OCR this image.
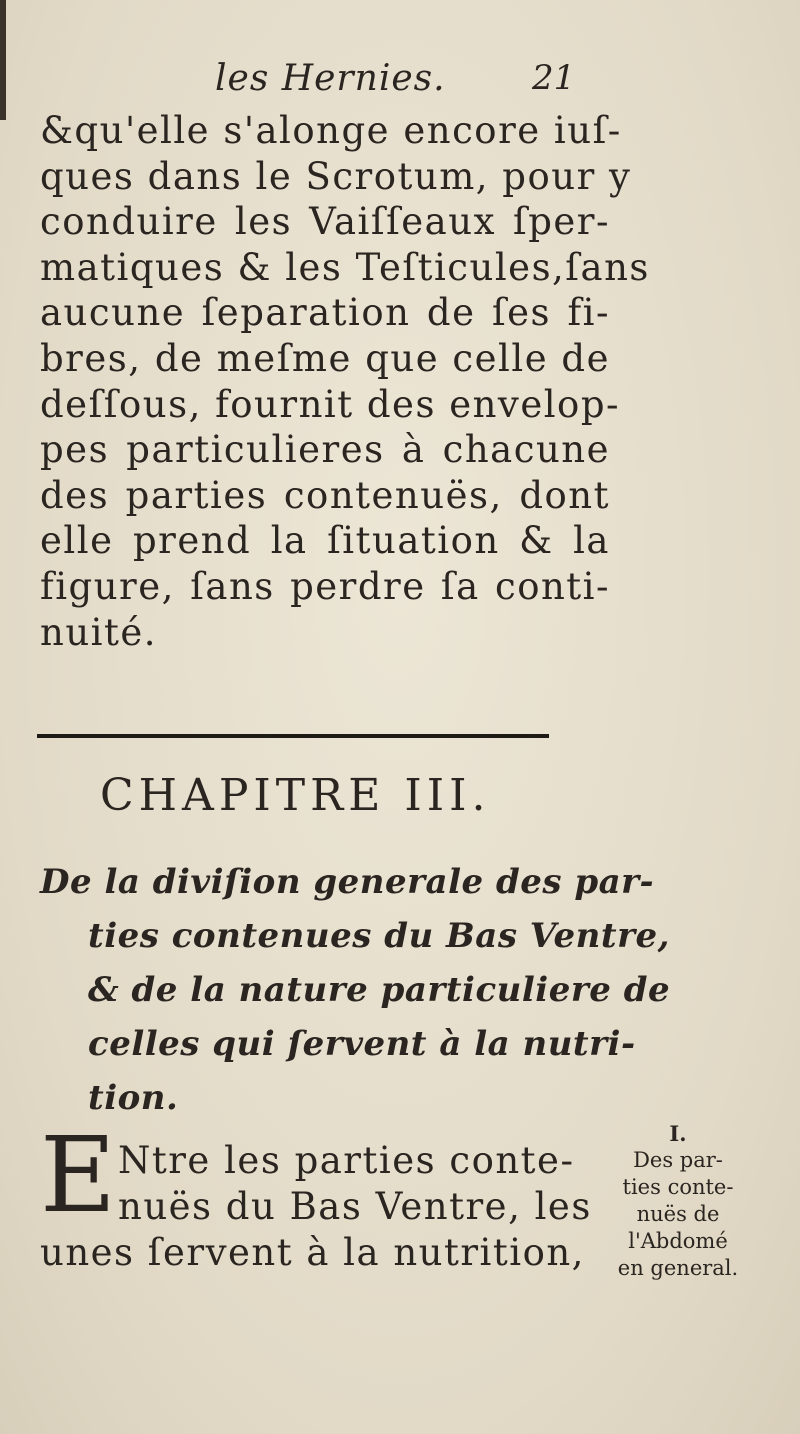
les Hernies.	21
&qu'elle s'alonge encore iuſ-
ques dans le Scrotum, pour y
conduire les Vaiſſeaux ſper-
matiques & les Teſticules,ſans
aucune ſeparation de ſes fi-
bres, de meſme que celle de
deſſous, fournit des envelop-
pes particulieres à chacune
des parties contenuës, dont
elle prend la ſituation & la
figure, ſans perdre ſa conti-
nuité.
CHAPITRE III.
De la diviſion generale des par-
ties contenues du Bas Ventre,
& de la nature particuliere de
celles qui ſervent à la nutri-
tion.
E Ntre les parties conte-
nuës du Bas Ventre, les
unes ſervent à la nutrition,
I.
Des par-
ties conte-
nuës de
l'Abdomé
en general.
